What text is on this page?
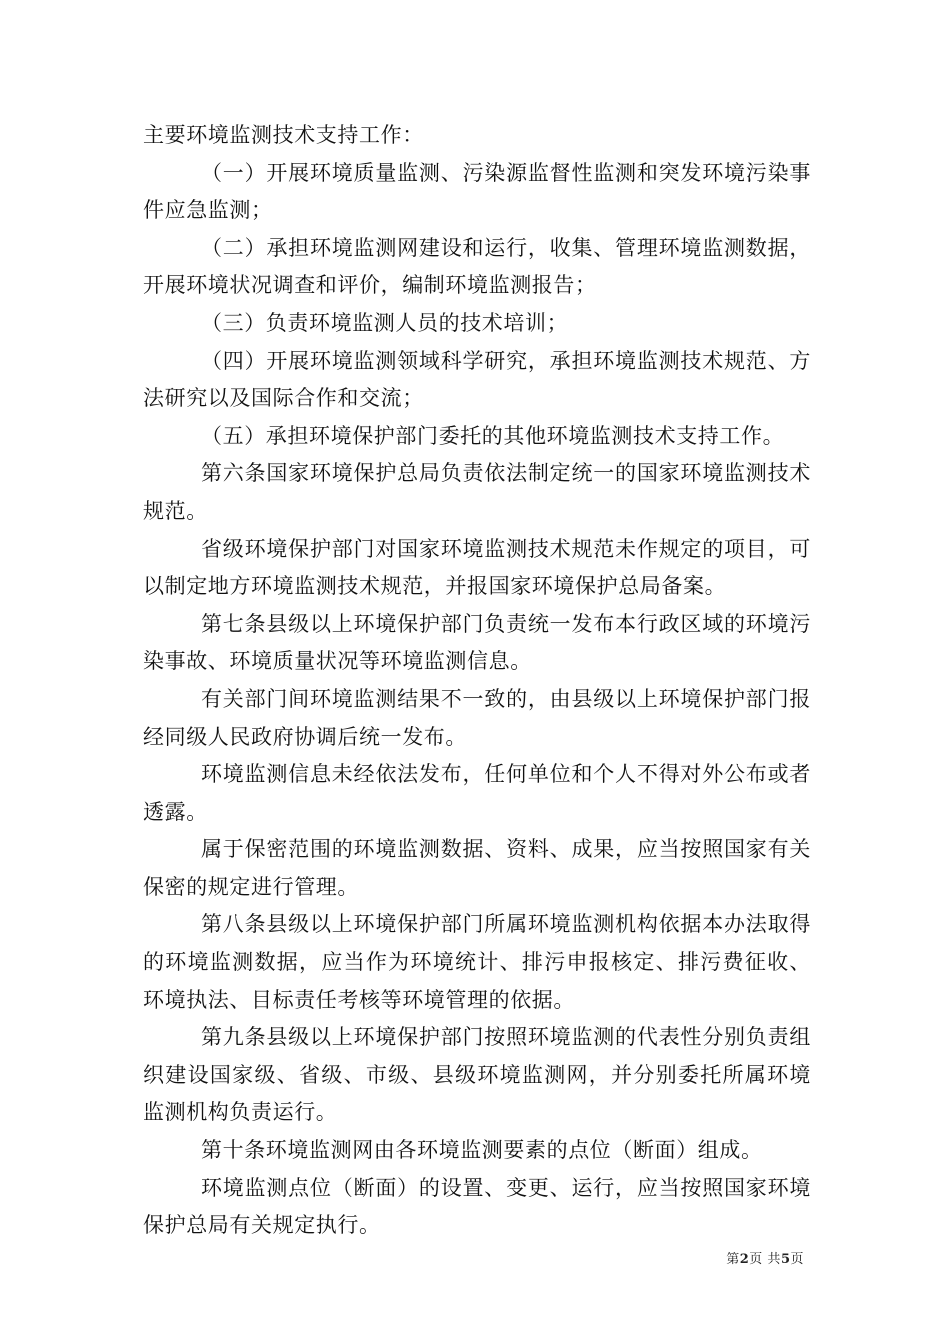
主要环境监测技术支持工作：

（一）开展环境质量监测、污染源监督性监测和突发环境污染事件应急监测；

（二）承担环境监测网建设和运行，收集、管理环境监测数据，开展环境状况调查和评价，编制环境监测报告；

（三）负责环境监测人员的技术培训；

（四）开展环境监测领域科学研究，承担环境监测技术规范、方法研究以及国际合作和交流；

（五）承担环境保护部门委托的其他环境监测技术支持工作。

第六条国家环境保护总局负责依法制定统一的国家环境监测技术规范。

省级环境保护部门对国家环境监测技术规范未作规定的项目，可以制定地方环境监测技术规范，并报国家环境保护总局备案。

第七条县级以上环境保护部门负责统一发布本行政区域的环境污染事故、环境质量状况等环境监测信息。

有关部门间环境监测结果不一致的，由县级以上环境保护部门报经同级人民政府协调后统一发布。

环境监测信息未经依法发布，任何单位和个人不得对外公布或者透露。

属于保密范围的环境监测数据、资料、成果，应当按照国家有关保密的规定进行管理。

第八条县级以上环境保护部门所属环境监测机构依据本办法取得的环境监测数据，应当作为环境统计、排污申报核定、排污费征收、环境执法、目标责任考核等环境管理的依据。

第九条县级以上环境保护部门按照环境监测的代表性分别负责组织建设国家级、省级、市级、县级环境监测网，并分别委托所属环境监测机构负责运行。

第十条环境监测网由各环境监测要素的点位（断面）组成。

环境监测点位（断面）的设置、变更、运行，应当按照国家环境保护总局有关规定执行。

第2页 共5页
